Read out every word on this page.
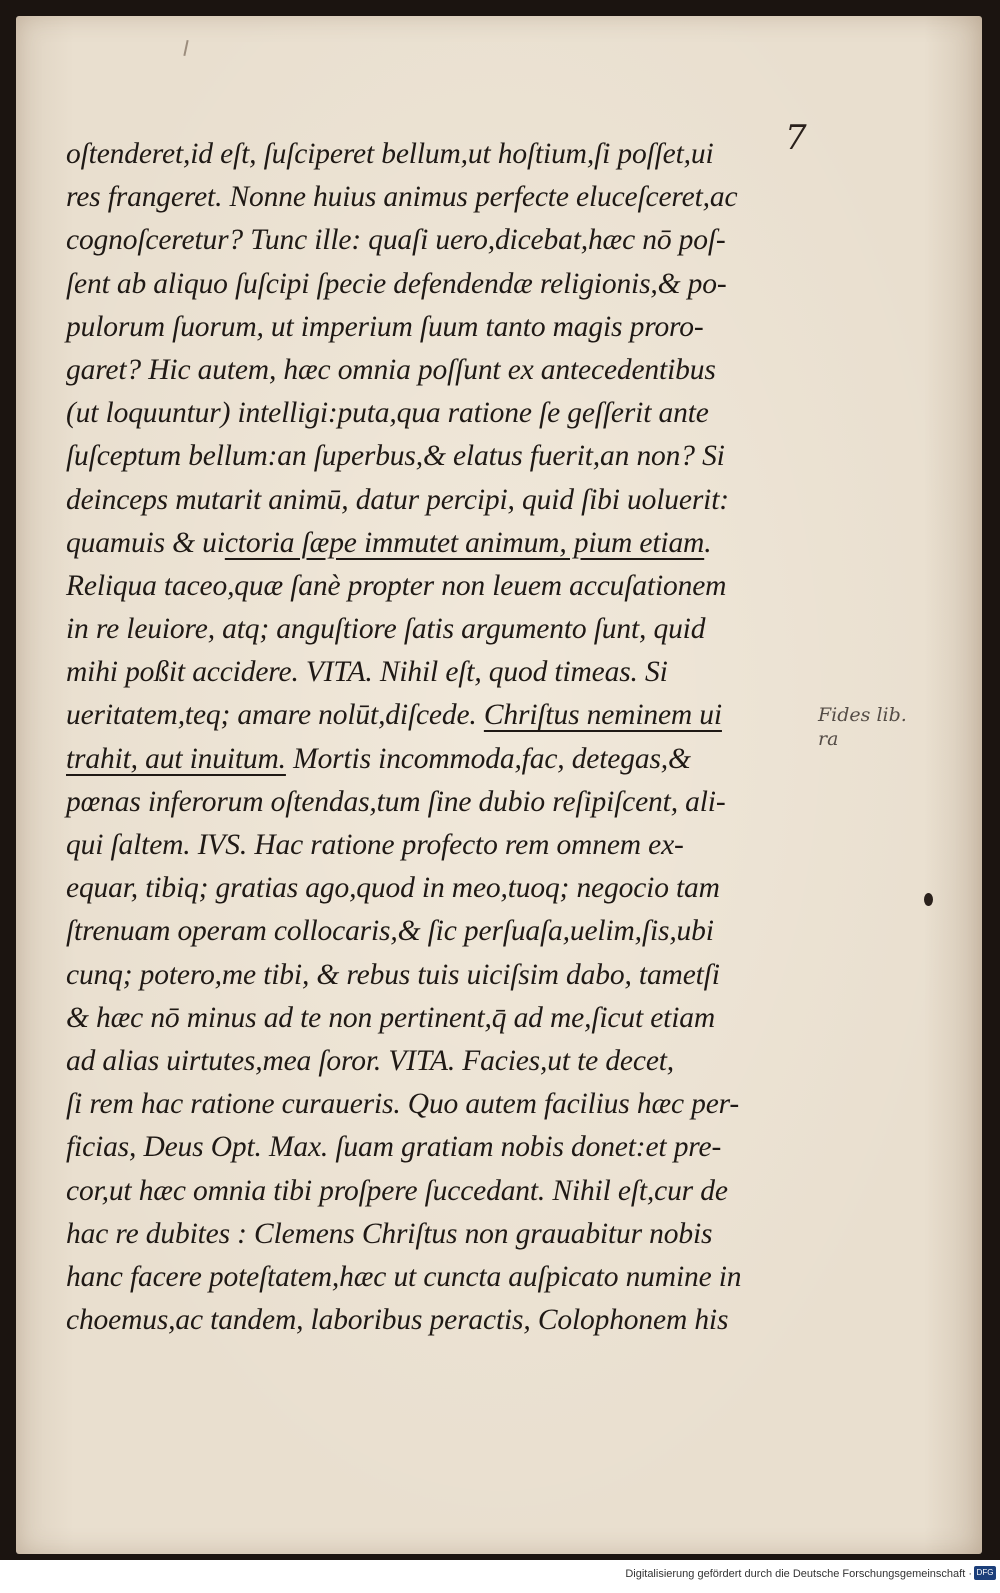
7
oſtenderet,id eſt, ſuſciperet bellum,ut hoſtium,ſi poſſet,ui
res frangeret. Nonne huius animus perfecte eluceſceret,ac
cognoſceretur? Tunc ille: quaſi uero,dicebat,hæc nō poſ-
ſent ab aliquo ſuſcipi ſpecie defendendæ religionis,& po-
pulorum ſuorum, ut imperium ſuum tanto magis proro-
garet? Hic autem, hæc omnia poſſunt ex antecedentibus
(ut loquuntur) intelligi:puta,qua ratione ſe geſſerit ante
ſuſceptum bellum:an ſuperbus,& elatus fuerit,an non? Si
deinceps mutarit animū, datur percipi, quid ſibi uoluerit:
quamuis & uictoria ſæpe immutet animum, pium etiam.
Reliqua taceo,quæ ſanè propter non leuem accuſationem
in re leuiore, atq; anguſtiore ſatis argumento ſunt, quid
mihi poßit accidere. VITA. Nihil eſt, quod timeas. Si
ueritatem,teq; amare nolūt,diſcede. Chriſtus neminem ui
trahit, aut inuitum. Mortis incommoda,fac, detegas,&
pœnas inferorum oſtendas,tum ſine dubio reſipiſcent, ali-
qui ſaltem. IVS. Hac ratione profecto rem omnem ex-
equar, tibiq; gratias ago,quod in meo,tuoq; negocio tam
ſtrenuam operam collocaris,& ſic perſuaſa,uelim,ſis,ubi
cunq; potero,me tibi, & rebus tuis uiciſsim dabo, tametſi
& hæc nō minus ad te non pertinent,q̄ ad me,ſicut etiam
ad alias uirtutes,mea ſoror. VITA. Facies,ut te decet,
ſi rem hac ratione curaueris. Quo autem facilius hæc per-
ficias, Deus Opt. Max. ſuam gratiam nobis donet:et pre-
cor,ut hæc omnia tibi proſpere ſuccedant. Nihil eſt,cur de
hac re dubites : Clemens Chriſtus non grauabitur nobis
hanc facere poteſtatem,hæc ut cuncta auſpicato numine in
choemus,ac tandem, laboribus peractis, Colophonem his
Fides lib.
ra
Digitalisierung gefördert durch die Deutsche Forschungsgemeinschaft · DFG
